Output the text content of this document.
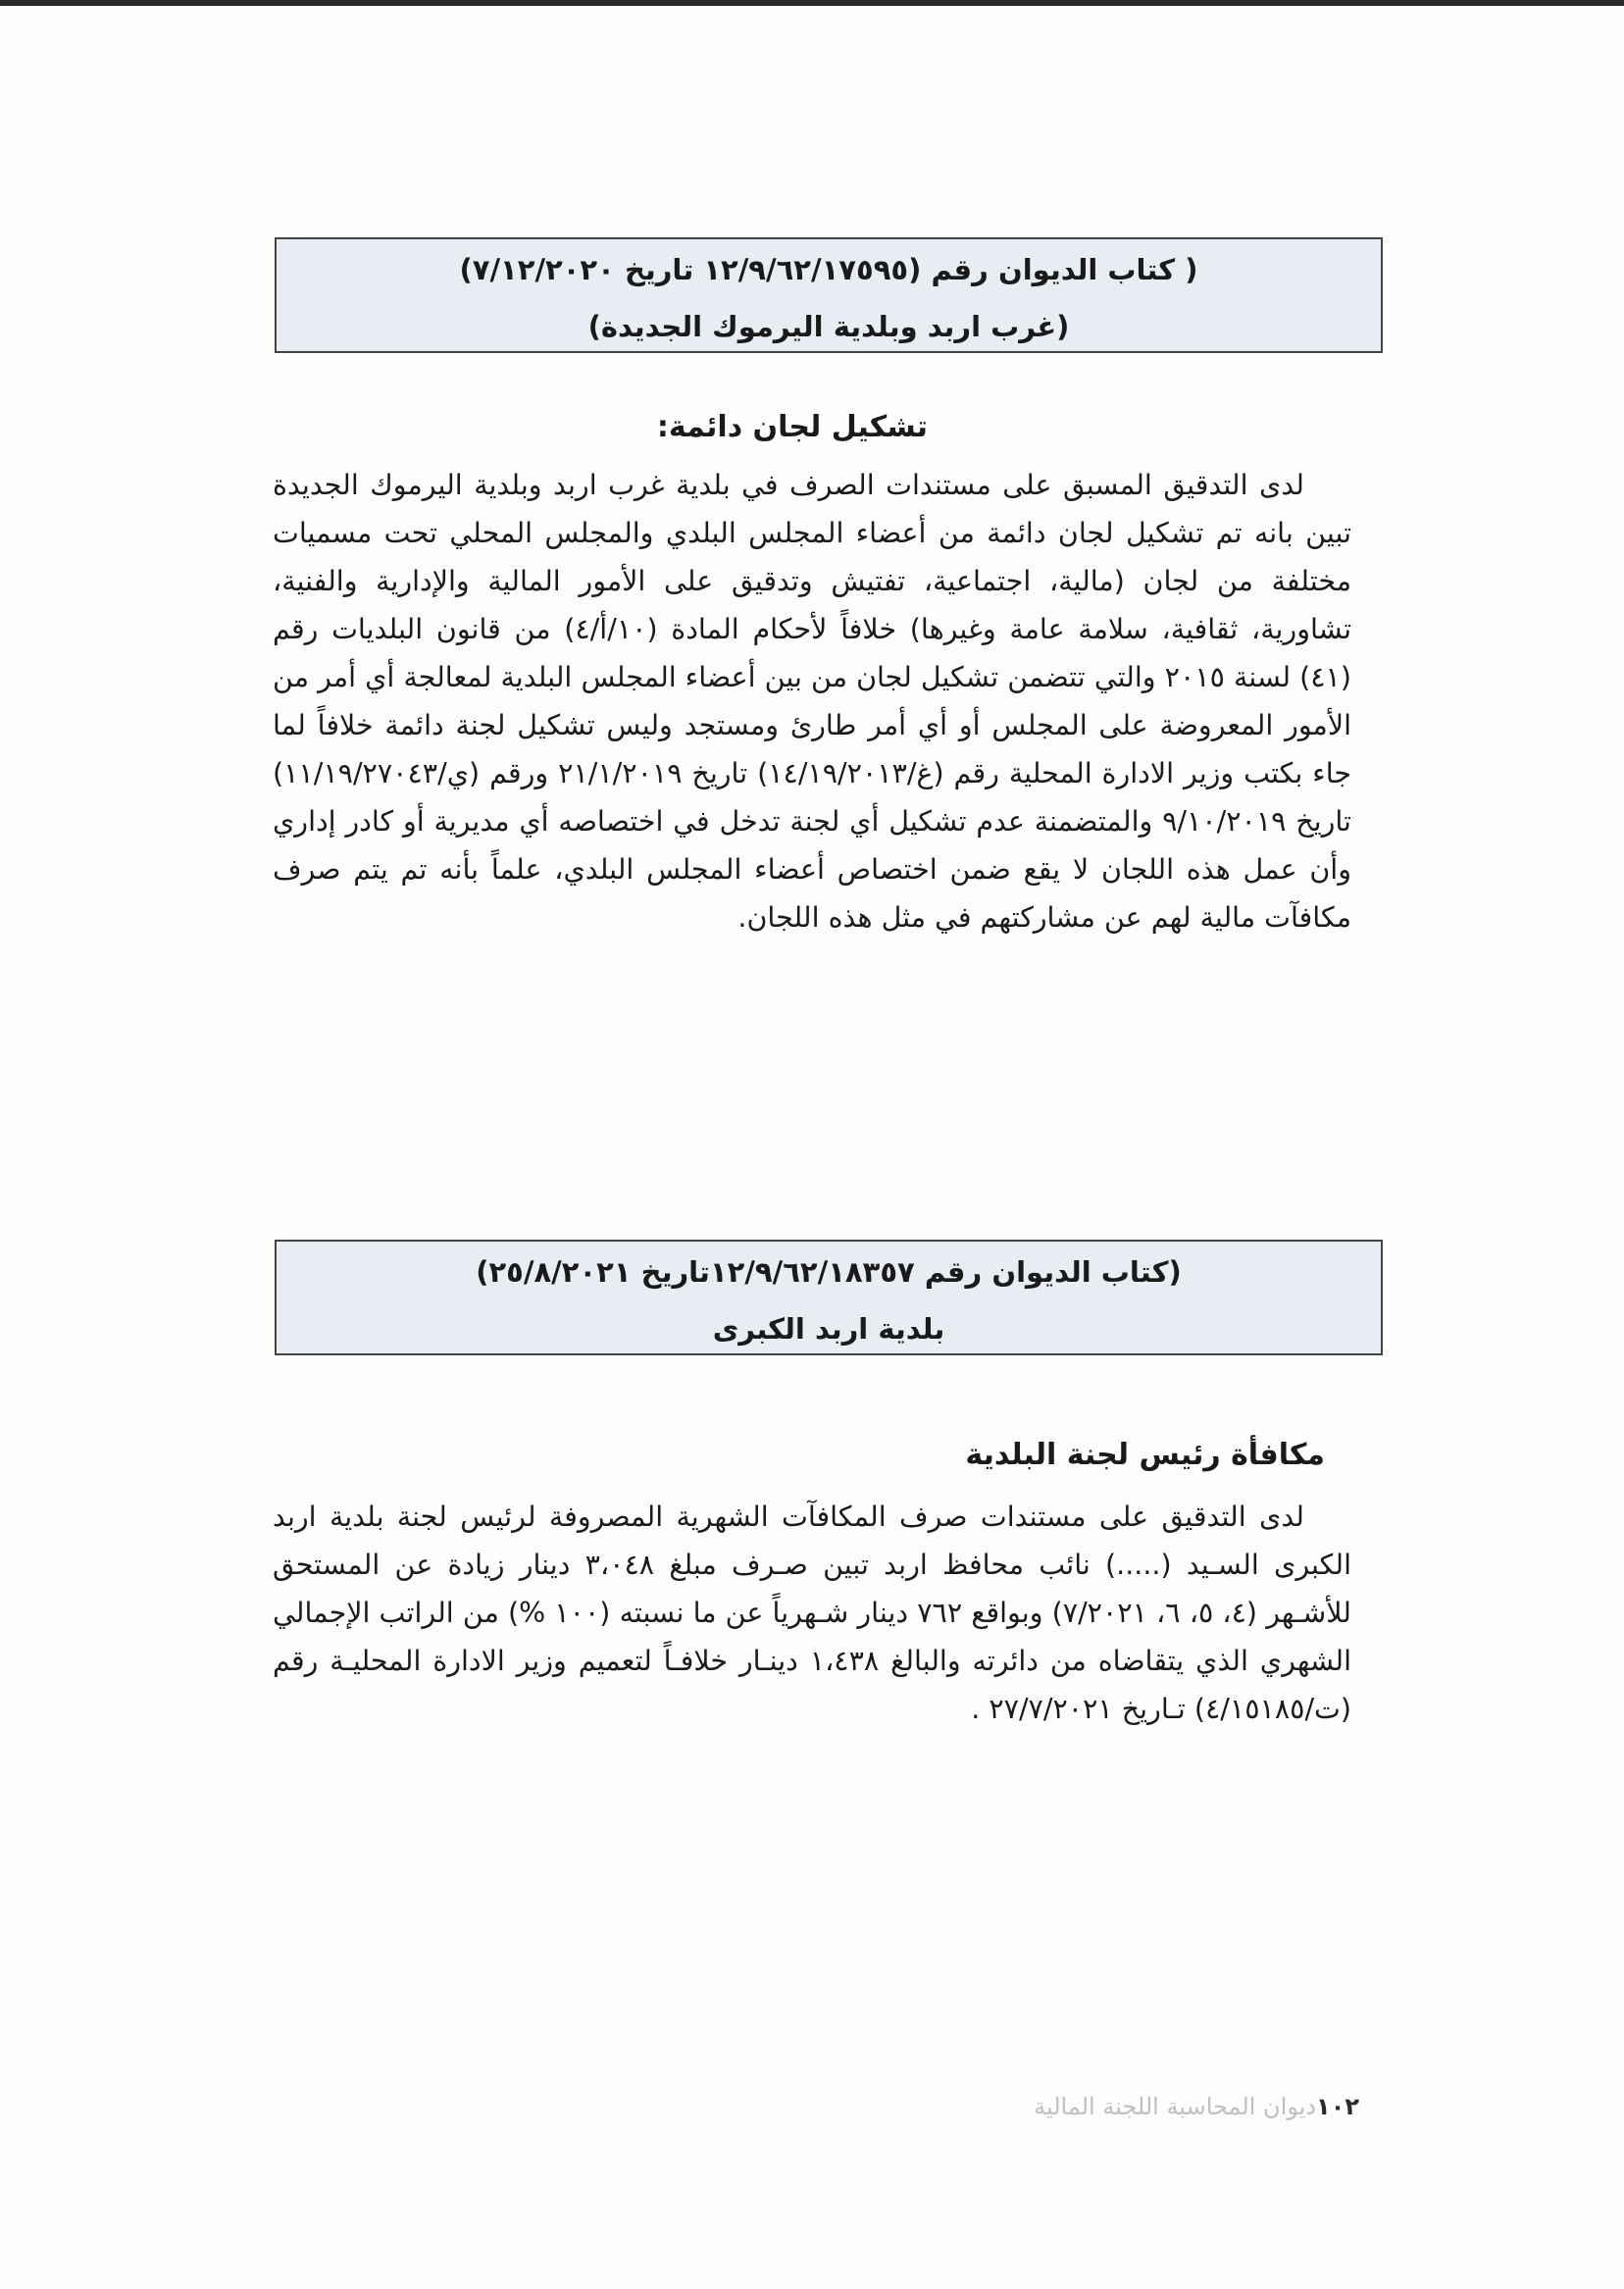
( كتاب الديوان رقم (١٢/٩/٦٢/١٧٥٩٥ تاريخ ٧/١٢/٢٠٢٠)
(غرب اربد وبلدية اليرموك الجديدة)
تشكيل لجان دائمة:
لدى التدقيق المسبق على مستندات الصرف في بلدية غرب اربد وبلدية اليرموك الجديدة تبين بانه تم تشكيل لجان دائمة من أعضاء المجلس البلدي والمجلس المحلي تحت مسميات مختلفة من لجان (مالية، اجتماعية، تفتيش وتدقيق على الأمور المالية والإدارية والفنية، تشاورية، ثقافية، سلامة عامة وغيرها) خلافاً لأحكام المادة (١٠/أ/٤) من قانون البلديات رقم (٤١) لسنة ٢٠١٥ والتي تتضمن تشكيل لجان من بين أعضاء المجلس البلدية لمعالجة أي أمر من الأمور المعروضة على المجلس أو أي أمر طارئ ومستجد وليس تشكيل لجنة دائمة خلافاً لما جاء بكتب وزير الادارة المحلية رقم (غ/١٤/١٩/٢٠١٣) تاريخ ٢١/١/٢٠١٩ ورقم (ي/١١/١٩/٢٧٠٤٣) تاريخ ٩/١٠/٢٠١٩ والمتضمنة عدم تشكيل أي لجنة تدخل في اختصاصه أي مديرية أو كادر إداري وأن عمل هذه اللجان لا يقع ضمن اختصاص أعضاء المجلس البلدي، علماً بأنه تم يتم صرف مكافآت مالية لهم عن مشاركتهم في مثل هذه اللجان.
(كتاب الديوان رقم ١٢/٩/٦٢/١٨٣٥٧تاريخ ٢٥/٨/٢٠٢١)
بلدية اربد الكبرى
مكافأة رئيس لجنة البلدية
لدى التدقيق على مستندات صرف المكافآت الشهرية المصروفة لرئيس لجنة بلدية اربد الكبرى السـيد (.....) نائب محافظ اربد تبين صـرف مبلغ ٣،٠٤٨ دينار زيادة عن المستحق للأشـهر (٤، ٥، ٦، ٧/٢٠٢١) وبواقع ٧٦٢ دينار شـهرياً عن ما نسبته (١٠٠ %) من الراتب الإجمالي الشهري الذي يتقاضاه من دائرته والبالغ ١،٤٣٨ دينـار خلافـاً لتعميم وزير الادارة المحليـة رقم (ت/٤/١٥١٨٥) تـاريخ ٢٧/٧/٢٠٢١ .
١٠٢ديوان المحاسبة اللجنة المالية
